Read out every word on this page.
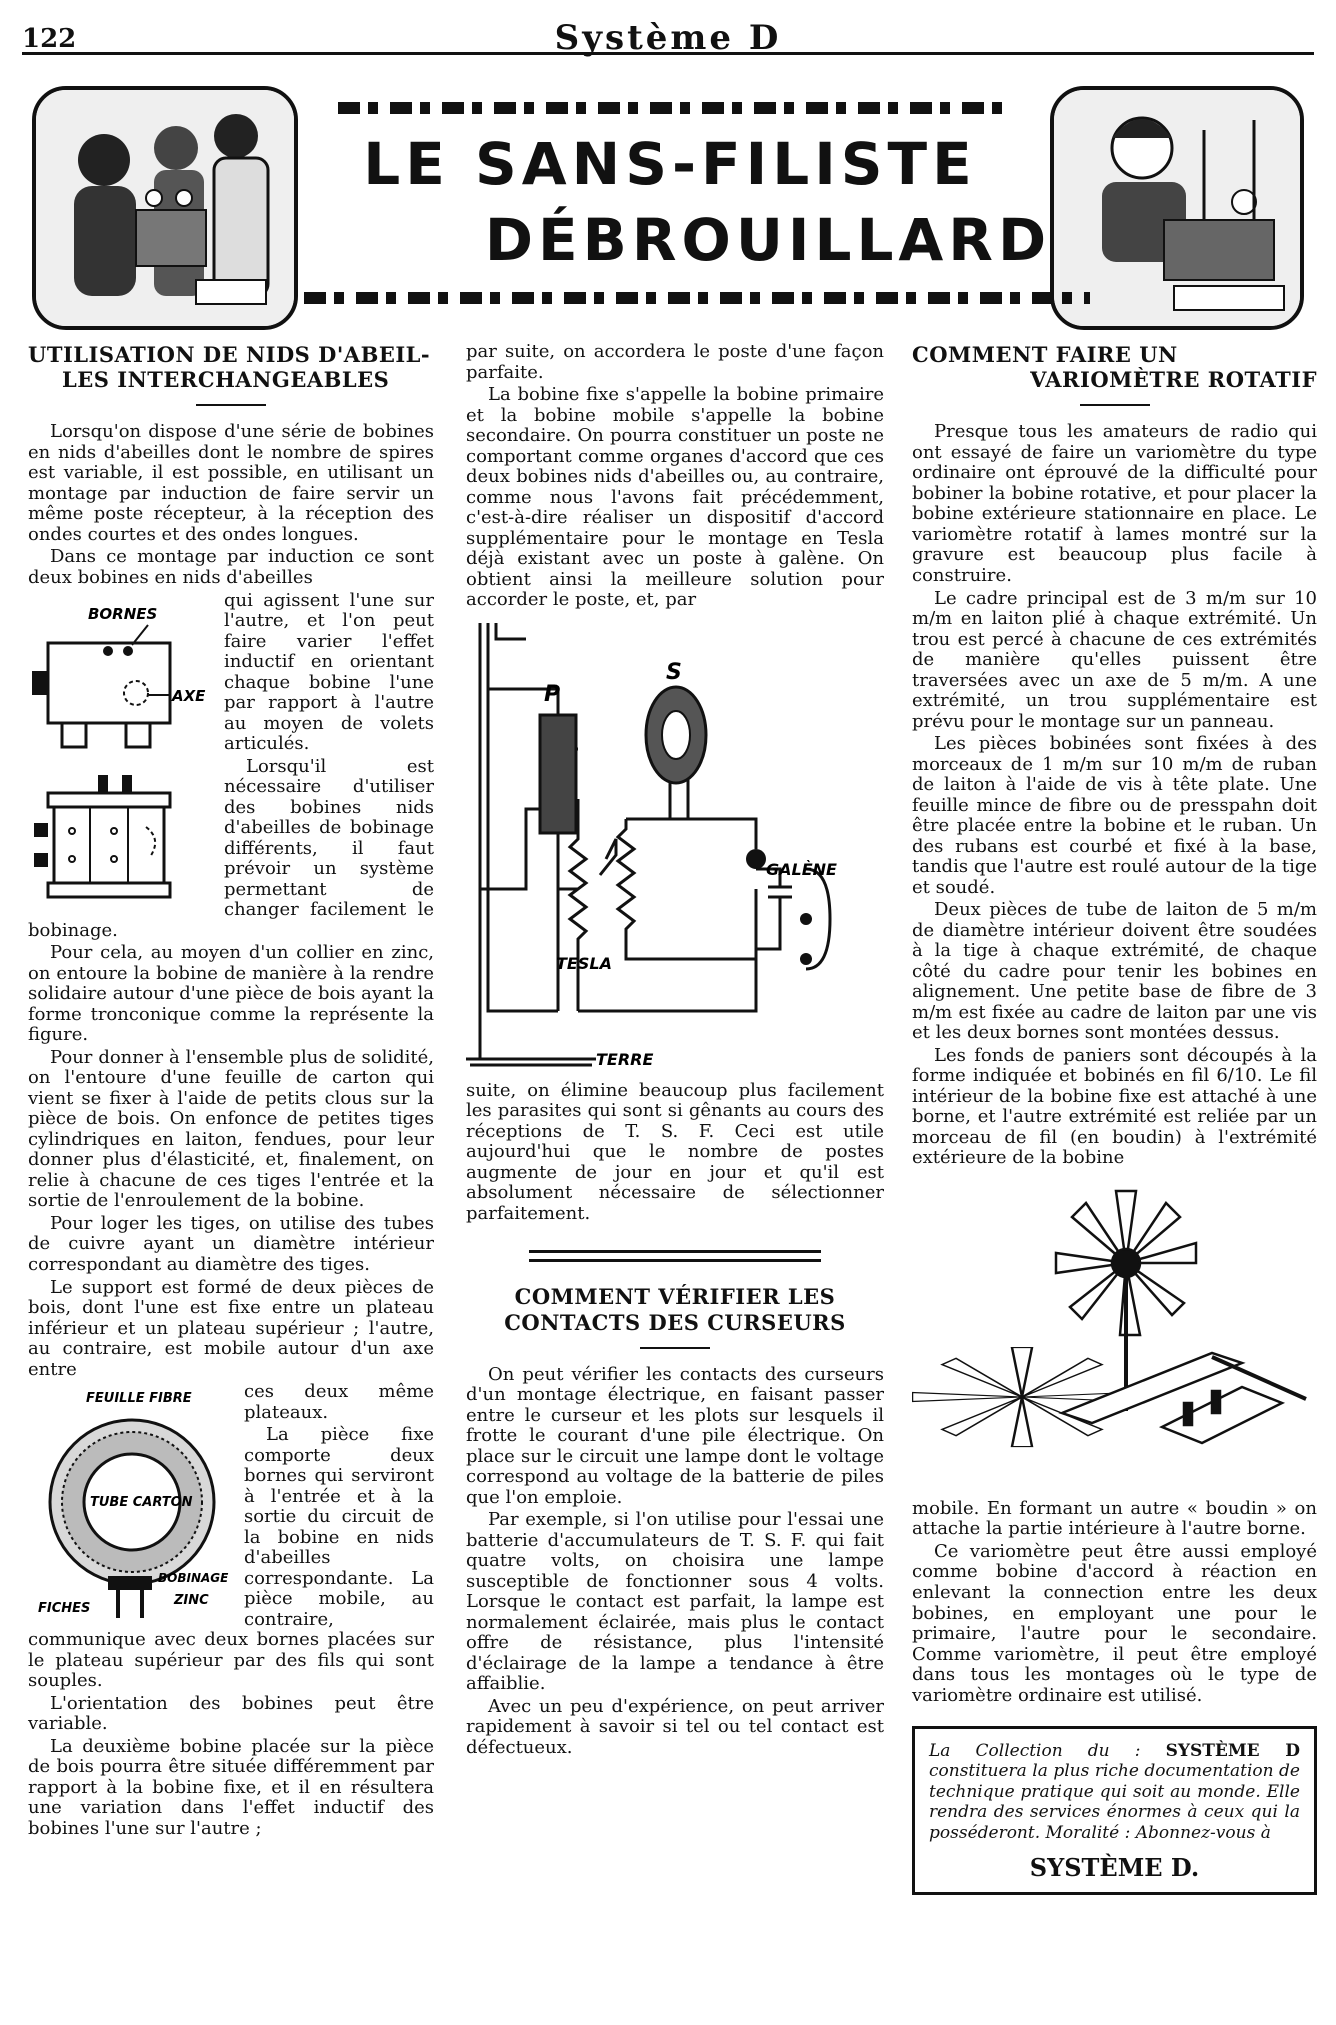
122	Système D
LE SANS-FILISTE
DÉBROUILLARD
UTILISATION DE NIDS D'ABEIL-
LES INTERCHANGEABLES

Lorsqu'on dispose d'une série de bobines en nids d'abeilles dont le nombre de spires est variable, il est possible, en utilisant un montage par induction de faire servir un même poste récepteur, à la réception des ondes courtes et des ondes longues.

Dans ce montage par induction ce sont deux bobines en nids d'abeilles

BORNES
AXE

qui agissent l'une sur l'autre, et l'on peut faire varier l'effet inductif en orientant chaque bobine l'une par rapport à l'autre au moyen de volets articulés.

Lorsqu'il est nécessaire d'utiliser des bobines nids d'abeilles de bobinage différents, il faut prévoir un système permettant de changer facilement le bobinage.

Pour cela, au moyen d'un collier en zinc, on entoure la bobine de manière à la rendre solidaire autour d'une pièce de bois ayant la forme tronconique comme la représente la figure.

Pour donner à l'ensemble plus de solidité, on l'entoure d'une feuille de carton qui vient se fixer à l'aide de petits clous sur la pièce de bois. On enfonce de petites tiges cylindriques en laiton, fendues, pour leur donner plus d'élasticité, et, finalement, on relie à chacune de ces tiges l'entrée et la sortie de l'enroulement de la bobine.

Pour loger les tiges, on utilise des tubes de cuivre ayant un diamètre intérieur correspondant au diamètre des tiges.

Le support est formé de deux pièces de bois, dont l'une est fixe entre un plateau inférieur et un plateau supérieur ; l'autre, au contraire, est mobile autour d'un axe entre

FEUILLE FIBRE
TUBE CARTON
BOBINAGE
ZINC
FICHES

ces deux même plateaux.

La pièce fixe comporte deux bornes qui serviront à l'entrée et à la sortie du circuit de la bobine en nids d'abeilles correspondante. La pièce mobile, au contraire, communique avec deux bornes placées sur le plateau supérieur par des fils qui sont souples.

L'orientation des bobines peut être variable.

La deuxième bobine placée sur la pièce de bois pourra être située différemment par rapport à la bobine fixe, et il en résultera une variation dans l'effet inductif des bobines l'une sur l'autre ;

par suite, on accordera le poste d'une façon parfaite.

La bobine fixe s'appelle la bobine primaire et la bobine mobile s'appelle la bobine secondaire. On pourra constituer un poste ne comportant comme organes d'accord que ces deux bobines nids d'abeilles ou, au contraire, comme nous l'avons fait précédemment, c'est-à-dire réaliser un dispositif d'accord supplémentaire pour le montage en Tesla déjà existant avec un poste à galène. On obtient ainsi la meilleure solution pour accorder le poste, et, par

P
S
GALÈNE
TESLA
TERRE

suite, on élimine beaucoup plus facilement les parasites qui sont si gênants au cours des réceptions de T. S. F. Ceci est utile aujourd'hui que le nombre de postes augmente de jour en jour et qu'il est absolument nécessaire de sélectionner parfaitement.

COMMENT VÉRIFIER LES
CONTACTS DES CURSEURS

On peut vérifier les contacts des curseurs d'un montage électrique, en faisant passer entre le curseur et les plots sur lesquels il frotte le courant d'une pile électrique. On place sur le circuit une lampe dont le voltage correspond au voltage de la batterie de piles que l'on emploie.

Par exemple, si l'on utilise pour l'essai une batterie d'accumulateurs de T. S. F. qui fait quatre volts, on choisira une lampe susceptible de fonctionner sous 4 volts. Lorsque le contact est parfait, la lampe est normalement éclairée, mais plus le contact offre de résistance, plus l'intensité d'éclairage de la lampe a tendance à être affaiblie.

Avec un peu d'expérience, on peut arriver rapidement à savoir si tel ou tel contact est défectueux.

COMMENT FAIRE UN

VARIOMÈTRE ROTATIF

Presque tous les amateurs de radio qui ont essayé de faire un variomètre du type ordinaire ont éprouvé de la difficulté pour bobiner la bobine rotative, et pour placer la bobine extérieure stationnaire en place. Le variomètre rotatif à lames montré sur la gravure est beaucoup plus facile à construire.

Le cadre principal est de 3 m/m sur 10 m/m en laiton plié à chaque extrémité. Un trou est percé à chacune de ces extrémités de manière qu'elles puissent être traversées avec un axe de 5 m/m. A une extrémité, un trou supplémentaire est prévu pour le montage sur un panneau.

Les pièces bobinées sont fixées à des morceaux de 1 m/m sur 10 m/m de ruban de laiton à l'aide de vis à tête plate. Une feuille mince de fibre ou de presspahn doit être placée entre la bobine et le ruban. Un des rubans est courbé et fixé à la base, tandis que l'autre est roulé autour de la tige et soudé.

Deux pièces de tube de laiton de 5 m/m de diamètre intérieur doivent être soudées à la tige à chaque extrémité, de chaque côté du cadre pour tenir les bobines en alignement. Une petite base de fibre de 3 m/m est fixée au cadre de laiton par une vis et les deux bornes sont montées dessus.

Les fonds de paniers sont découpés à la forme indiquée et bobinés en fil 6/10. Le fil intérieur de la bobine fixe est attaché à une borne, et l'autre extrémité est reliée par un morceau de fil (en boudin) à l'extrémité extérieure de la bobine

mobile. En formant un autre « boudin » on attache la partie intérieure à l'autre borne.

Ce variomètre peut être aussi employé comme bobine d'accord à réaction en enlevant la connection entre les deux bobines, en employant une pour le primaire, l'autre pour le secondaire. Comme variomètre, il peut être employé dans tous les montages où le type de variomètre ordinaire est utilisé.

La Collection du : SYSTÈME D constituera la plus riche documentation de technique pratique qui soit au monde. Elle rendra des services énormes à ceux qui la posséderont. Moralité : Abonnez-vous à
SYSTÈME D.
